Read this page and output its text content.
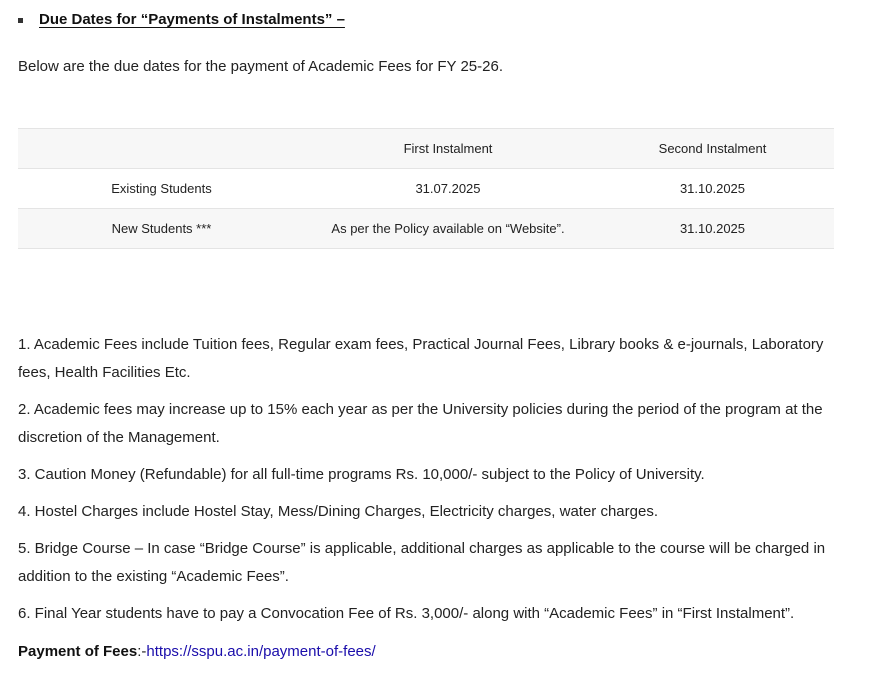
Due Dates for “Payments of Instalments” –
Below are the due dates for the payment of Academic Fees for FY 25-26.
	First Instalment	Second Instalment
Existing Students	31.07.2025	31.10.2025
New Students ***	As per the Policy available on “Website”.	31.10.2025

1. Academic Fees include Tuition fees, Regular exam fees, Practical Journal Fees, Library books & e-journals, Laboratory fees, Health Facilities Etc.

2. Academic fees may increase up to 15% each year as per the University policies during the period of the program at the discretion of the Management.

3. Caution Money (Refundable) for all full-time programs Rs. 10,000/- subject to the Policy of University.

4. Hostel Charges include Hostel Stay, Mess/Dining Charges, Electricity charges, water charges.

5. Bridge Course – In case “Bridge Course” is applicable, additional charges as applicable to the course will be charged in addition to the existing “Academic Fees”.

6. Final Year students have to pay a Convocation Fee of Rs. 3,000/- along with “Academic Fees” in “First Instalment”.

Payment of Fees:-https://sspu.ac.in/payment-of-fees/
